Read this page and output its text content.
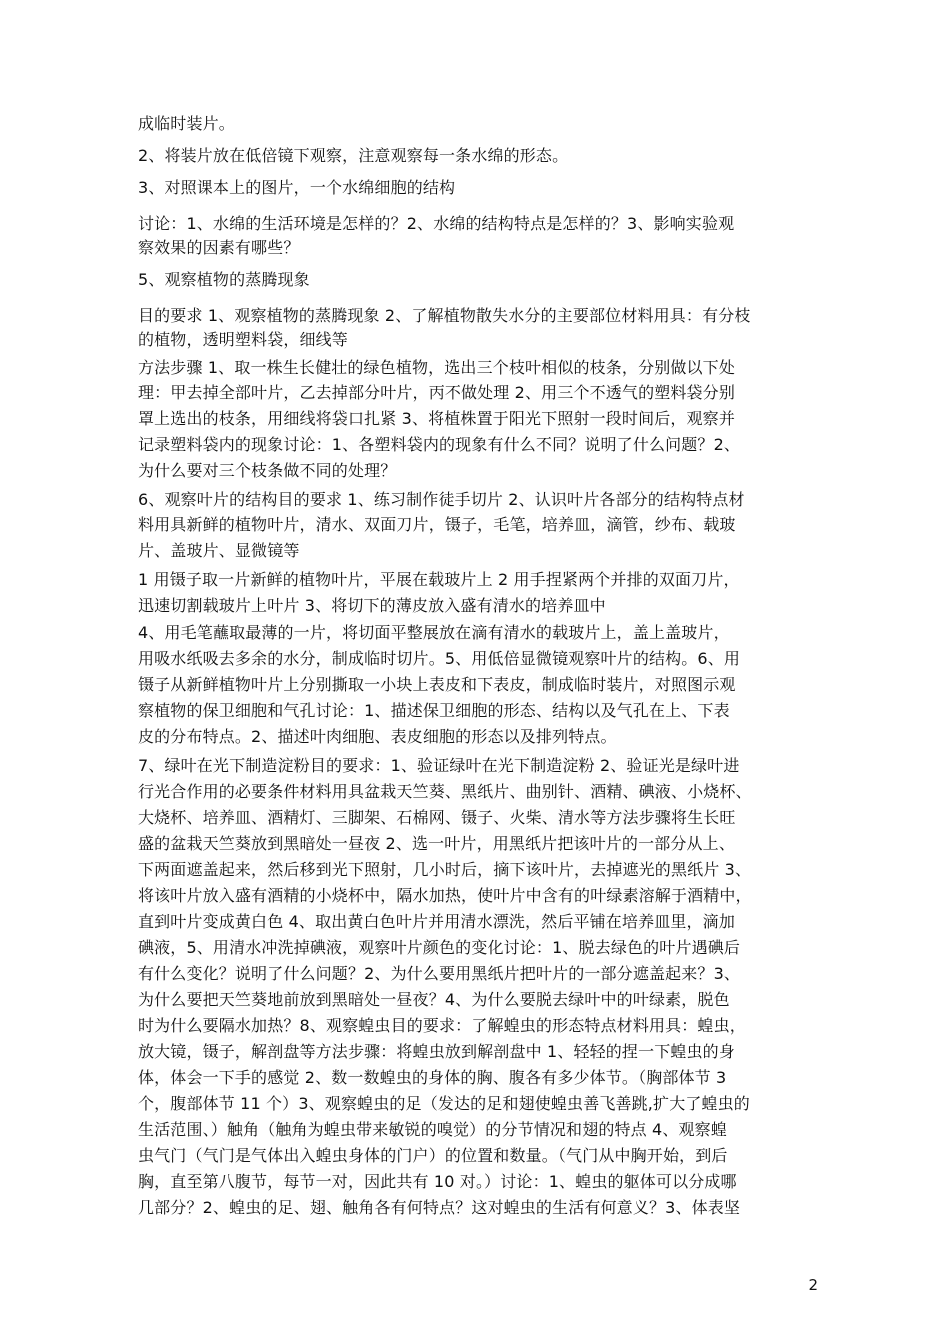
成临时装片。
2、将装片放在低倍镜下观察，注意观察每一条水绵的形态。
3、对照课本上的图片，一个水绵细胞的结构
讨论：1、水绵的生活环境是怎样的？2、水绵的结构特点是怎样的？3、影响实验观
察效果的因素有哪些？
5、观察植物的蒸腾现象
目的要求 1、观察植物的蒸腾现象 2、了解植物散失水分的主要部位材料用具：有分枝
的植物，透明塑料袋，细线等
方法步骤 1、取一株生长健壮的绿色植物，选出三个枝叶相似的枝条，分别做以下处
理：甲去掉全部叶片，乙去掉部分叶片，丙不做处理 2、用三个不透气的塑料袋分别
罩上选出的枝条，用细线将袋口扎紧 3、将植株置于阳光下照射一段时间后，观察并
记录塑料袋内的现象讨论：1、各塑料袋内的现象有什么不同？说明了什么问题？2、
为什么要对三个枝条做不同的处理？
6、观察叶片的结构目的要求 1、练习制作徒手切片 2、认识叶片各部分的结构特点材
料用具新鲜的植物叶片，清水、双面刀片，镊子，毛笔，培养皿，滴管，纱布、载玻
片、盖玻片、显微镜等
1 用镊子取一片新鲜的植物叶片，平展在载玻片上 2 用手捏紧两个并排的双面刀片，
迅速切割载玻片上叶片 3、将切下的薄皮放入盛有清水的培养皿中
4、用毛笔蘸取最薄的一片，将切面平整展放在滴有清水的载玻片上，盖上盖玻片，
用吸水纸吸去多余的水分，制成临时切片。5、用低倍显微镜观察叶片的结构。6、用
镊子从新鲜植物叶片上分别撕取一小块上表皮和下表皮，制成临时装片，对照图示观
察植物的保卫细胞和气孔讨论：1、描述保卫细胞的形态、结构以及气孔在上、下表
皮的分布特点。2、描述叶肉细胞、表皮细胞的形态以及排列特点。
7、绿叶在光下制造淀粉目的要求：1、验证绿叶在光下制造淀粉 2、验证光是绿叶进
行光合作用的必要条件材料用具盆栽天竺葵、黑纸片、曲别针、酒精、碘液、小烧杯、
大烧杯、培养皿、酒精灯、三脚架、石棉网、镊子、火柴、清水等方法步骤将生长旺
盛的盆栽天竺葵放到黑暗处一昼夜 2、选一叶片，用黑纸片把该叶片的一部分从上、
下两面遮盖起来，然后移到光下照射，几小时后，摘下该叶片，去掉遮光的黑纸片 3、
将该叶片放入盛有酒精的小烧杯中，隔水加热，使叶片中含有的叶绿素溶解于酒精中，
直到叶片变成黄白色 4、取出黄白色叶片并用清水漂洗，然后平铺在培养皿里，滴加
碘液，5、用清水冲洗掉碘液，观察叶片颜色的变化讨论：1、脱去绿色的叶片遇碘后
有什么变化？说明了什么问题？2、为什么要用黑纸片把叶片的一部分遮盖起来？3、
为什么要把天竺葵地前放到黑暗处一昼夜？4、为什么要脱去绿叶中的叶绿素，脱色
时为什么要隔水加热？8、观察蝗虫目的要求：了解蝗虫的形态特点材料用具：蝗虫，
放大镜，镊子，解剖盘等方法步骤：将蝗虫放到解剖盘中 1、轻轻的捏一下蝗虫的身
体，体会一下手的感觉 2、数一数蝗虫的身体的胸、腹各有多少体节。（胸部体节 3
个，腹部体节 11 个）3、观察蝗虫的足（发达的足和翅使蝗虫善飞善跳,扩大了蝗虫的
生活范围、）触角（触角为蝗虫带来敏锐的嗅觉）的分节情况和翅的特点 4、观察蝗
虫气门（气门是气体出入蝗虫身体的门户）的位置和数量。（气门从中胸开始，到后
胸，直至第八腹节，每节一对，因此共有 10 对。）讨论：1、蝗虫的躯体可以分成哪
几部分？2、蝗虫的足、翅、触角各有何特点？这对蝗虫的生活有何意义？3、体表坚
2
